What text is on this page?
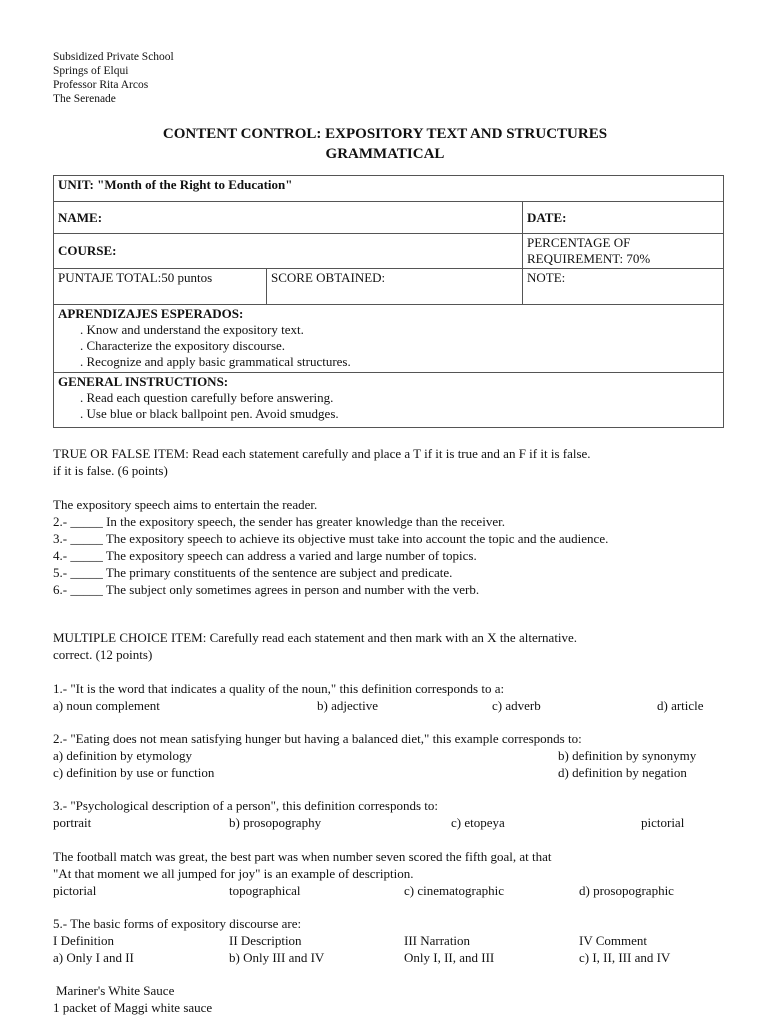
Subsidized Private School
Springs of Elqui
Professor Rita Arcos
The Serenade
CONTENT CONTROL: EXPOSITORY TEXT AND STRUCTURES
GRAMMATICAL
UNIT: "Month of the Right to Education"		
NAME:		DATE:
COURSE:		PERCENTAGE OF
REQUIREMENT: 70%

PUNTAJE TOTAL:50 puntos	SCORE OBTAINED:	NOTE:

APRENDIZAJES ESPERADOS:
. Know and understand the expository text.
. Characterize the expository discourse.
. Recognize and apply basic grammatical structures.		

GENERAL INSTRUCTIONS:
. Read each question carefully before answering.
. Use blue or black ballpoint pen. Avoid smudges.		
TRUE OR FALSE ITEM: Read each statement carefully and place a T if it is true and an F if it is false.
if it is false. (6 points)
The expository speech aims to entertain the reader.
2.- _____ In the expository speech, the sender has greater knowledge than the receiver.
3.- _____ The expository speech to achieve its objective must take into account the topic and the audience.
4.- _____ The expository speech can address a varied and large number of topics.
5.- _____ The primary constituents of the sentence are subject and predicate.
6.- _____ The subject only sometimes agrees in person and number with the verb.
MULTIPLE CHOICE ITEM: Carefully read each statement and then mark with an X the alternative.
correct. (12 points)
1.- "It is the word that indicates a quality of the noun," this definition corresponds to a:
a) noun complement	b) adjective	c) adverb	d) article
2.- "Eating does not mean satisfying hunger but having a balanced diet," this example corresponds to:
a) definition by etymology	b) definition by synonymy
c) definition by use or function	d) definition by negation
3.- "Psychological description of a person", this definition corresponds to:
portrait	b) prosopography	c) etopeya	pictorial
The football match was great, the best part was when number seven scored the fifth goal, at that
"At that moment we all jumped for joy" is an example of description.
pictorial	topographical	c) cinematographic	d) prosopographic
5.- The basic forms of expository discourse are:
I Definition	II Description	III Narration	IV Comment
a) Only I and II	b) Only III and IV	Only I, II, and III	c) I, II, III and IV
Mariner's White Sauce
1 packet of Maggi white sauce
